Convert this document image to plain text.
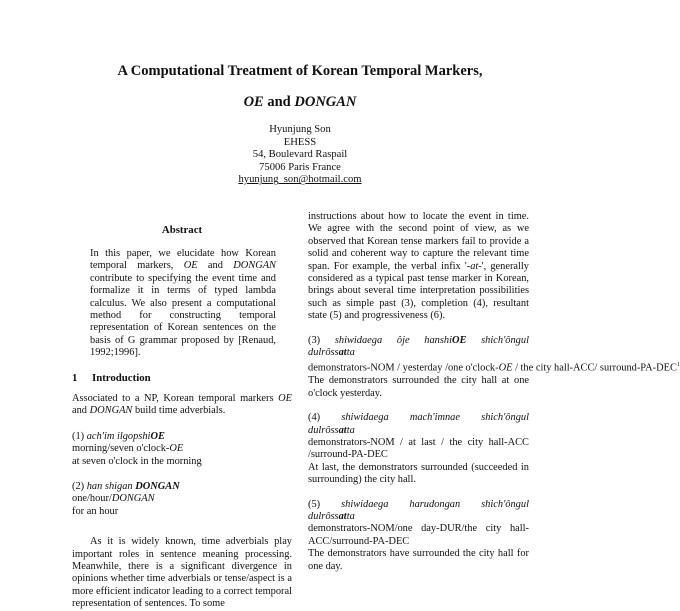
A Computational Treatment of Korean Temporal Markers,
OE and DONGAN
Hyunjung Son
EHESS
54, Boulevard Raspail
75006 Paris France
hyunjung_son@hotmail.com
Abstract

In this paper, we elucidate how Korean temporal markers, OE and DONGAN contribute to specifying the event time and formalize it in terms of typed lambda calculus. We also present a computational method for constructing temporal representation of Korean sentences on the basis of G grammar proposed by [Renaud, 1992;1996].

1 Introduction

Associated to a NP, Korean temporal markers OE and DONGAN build time adverbials.

(1) ach'im ilgopshiOE
morning/seven o'clock-OE
at seven o'clock in the morning
(2) han shigan DONGAN
one/hour/DONGAN
for an hour

As it is widely known, time adverbials play important roles in sentence meaning processing. Meanwhile, there is a significant divergence in opinions whether time adverbials or tense/aspect is a more efficient indicator leading to a correct temporal representation of sentences. To some

instructions about how to locate the event in time. We agree with the second point of view, as we observed that Korean tense markers fail to provide a solid and coherent way to capture the relevant time span. For example, the verbal infix '-at-', generally considered as a typical past tense marker in Korean, brings about several time interpretation possibilities such as simple past (3), completion (4), resultant state (5) and progressiveness (6).

(3) shiwidaega ôje hanshiOE shich'ôngul
dulrôssatta
demonstrators-NOM / yesterday /one o'clock-OE / the city hall-ACC/ surround-PA-DEC$^1$

The demonstrators surrounded the city hall at one o'clock yesterday.

(4) shiwidaega mach'imnae shich'ôngul
dulrôssatta

demonstrators-NOM / at last / the city hall-ACC /surround-PA-DEC

At last, the demonstrators surrounded (succeeded in surrounding) the city hall.

(5) shiwidaega harudongan shich'ôngul
dulrôssatta

demonstrators-NOM/one day-DUR/the city hall-ACC/surround-PA-DEC

The demonstrators have surrounded the city hall for one day.
